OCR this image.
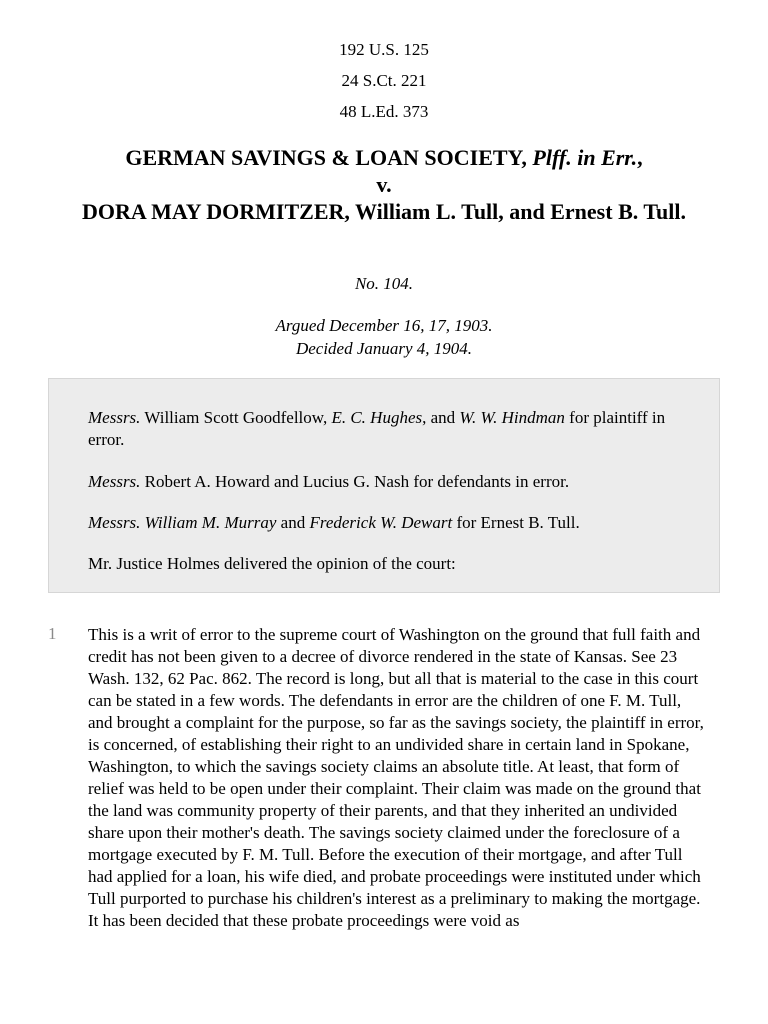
192 U.S. 125
24 S.Ct. 221
48 L.Ed. 373
GERMAN SAVINGS & LOAN SOCIETY, Plff. in Err.,
v.
DORA MAY DORMITZER, William L. Tull, and Ernest B. Tull.
No. 104.
Argued December 16, 17, 1903.
Decided January 4, 1904.
Messrs. William Scott Goodfellow, E. C. Hughes, and W. W. Hindman for plaintiff in error.
Messrs. Robert A. Howard and Lucius G. Nash for defendants in error.
Messrs. William M. Murray and Frederick W. Dewart for Ernest B. Tull.
Mr. Justice Holmes delivered the opinion of the court:
1 This is a writ of error to the supreme court of Washington on the ground that full faith and credit has not been given to a decree of divorce rendered in the state of Kansas. See 23 Wash. 132, 62 Pac. 862. The record is long, but all that is material to the case in this court can be stated in a few words. The defendants in error are the children of one F. M. Tull, and brought a complaint for the purpose, so far as the savings society, the plaintiff in error, is concerned, of establishing their right to an undivided share in certain land in Spokane, Washington, to which the savings society claims an absolute title. At least, that form of relief was held to be open under their complaint. Their claim was made on the ground that the land was community property of their parents, and that they inherited an undivided share upon their mother's death. The savings society claimed under the foreclosure of a mortgage executed by F. M. Tull. Before the execution of their mortgage, and after Tull had applied for a loan, his wife died, and probate proceedings were instituted under which Tull purported to purchase his children's interest as a preliminary to making the mortgage. It has been decided that these probate proceedings were void as
